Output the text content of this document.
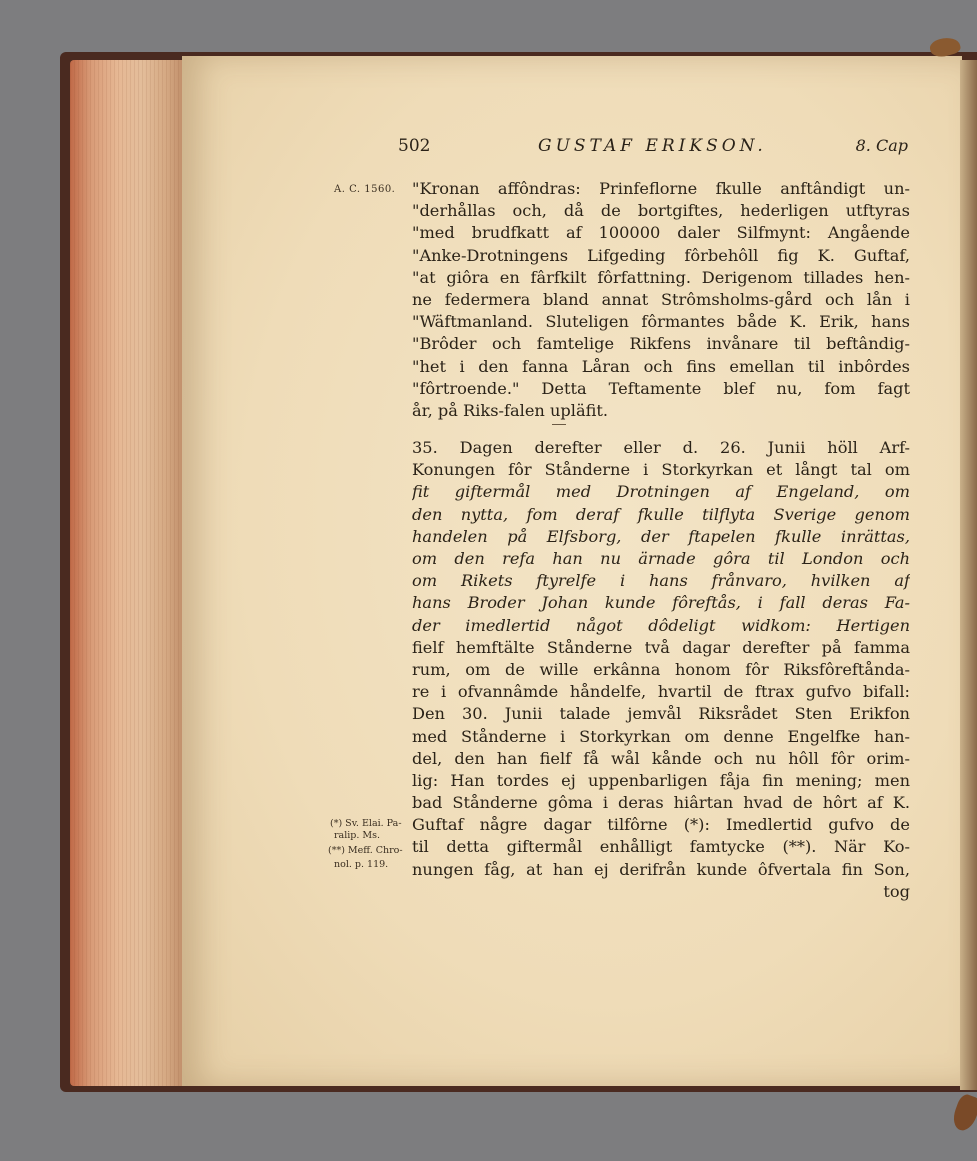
502	GUSTAF ERIKSON.	8. Cap
A. C. 1560. "Kronan affôndras: Prinfeflorne fkulle anftândigt un-
"derhållas och, då de bortgiftes, hederligen utftyras
"med brudfkatt af 100000 daler Silfmynt: Angående
"Anke-Drotningens Lifgeding fôrbehôll fig K. Guftaf,
"at giôra en fârfkilt fôrfattning. Derigenom tillades hen-
ne federmera bland annat Strômsholms-gård och lån i
"Wäftmanland. Sluteligen fôrmantes både K. Erik, hans
"Brôder och famtelige Rikfens invånare til beftândig-
"het i den fanna Låran och fins emellan til inbôrdes
"fôrtroende." Detta Teftamente blef nu, fom fagt
år, på Riks-falen upläfit.
35. Dagen derefter eller d. 26. Junii höll Arf-
Konungen fôr Stånderne i Storkyrkan et långt tal om
fit giftermål med Drotningen af Engeland, om
den nytta, fom deraf fkulle tilflyta Sverige genom
handelen på Elfsborg, der ftapelen fkulle inrättas,
om den refa han nu ärnade gôra til London och
om Rikets ftyrelfe i hans frånvaro, hvilken af
hans Broder Johan kunde fôreftås, i fall deras Fa-
der imedlertid något dôdeligt widkom: Hertigen
fielf hemftälte Stånderne två dagar derefter på famma
rum, om de wille erkânna honom fôr Riksfôreftånda-
re i ofvannâmde håndelfe, hvartil de ftrax gufvo bifall:
Den 30. Junii talade jemvål Riksrådet Sten Erikfon
med Stånderne i Storkyrkan om denne Engelfke han-
del, den han fielf få wål kånde och nu hôll fôr orim-
lig: Han tordes ej uppenbarligen fåja fin mening; men
bad Stånderne gôma i deras hiârtan hvad de hôrt af K.
Guftaf någre dagar tilfôrne (*): Imedlertid gufvo de
til detta giftermål enhålligt famtycke (**). När Ko-
nungen fåg, at han ej derifrån kunde ôfvertala fin Son,
tog
(*) Sv. Elai. Pa-
ralip. Ms.
(**) Meff. Chro-
nol. p. 119.
